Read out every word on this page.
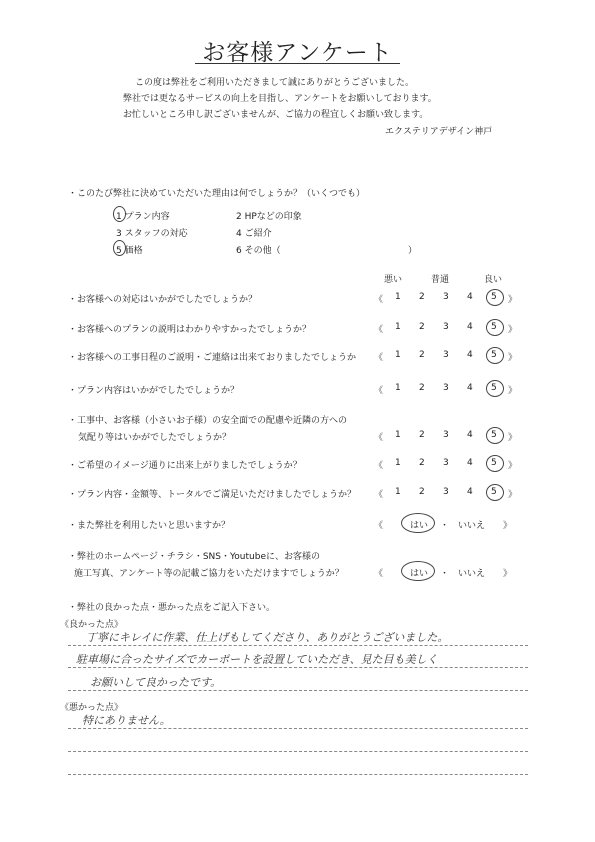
お客様アンケート
この度は弊社をご利用いただきまして誠にありがとうございました。
弊社では更なるサービスの向上を目指し、アンケートをお願いしております。
お忙しいところ申し訳ございませんが、ご協力の程宜しくお願い致します。
エクステリアデザイン神戸
・このたび弊社に決めていただいた理由は何でしょうか？（いくつでも）
1 プラン内容	2 HPなどの印象
3 スタッフの対応	4 ご紹介
5 価格	6 その他（	）
悪い	普通	良い
・お客様への対応はいかがでしたでしょうか？	《 1 2 3 4 5 》
・お客様へのプランの説明はわかりやすかったでしょうか？	《 1 2 3 4 5 》
・お客様への工事日程のご説明・ご連絡は出来ておりましたでしょうか 《 1 2 3 4 5 》
・プラン内容はいかがでしたでしょうか？	《 1 2 3 4 5 》
・工事中、お客様（小さいお子様）の安全面での配慮や近隣の方への
気配り等はいかがでしたでしょうか？	《 1 2 3 4 5 》
・ご希望のイメージ通りに出来上がりましたでしょうか？	《 1 2 3 4 5 》
・プラン内容・金額等、トータルでご満足いただけましたでしょうか？ 《 1 2 3 4 5 》
・また弊社を利用したいと思いますか？	《	はい ・ いいえ 》
・弊社のホームページ・チラシ・SNS・Youtubeに、お客様の
施工写真、アンケート等の記載ご協力をいただけますでしょうか？	《	はい ・ いいえ 》
・弊社の良かった点・悪かった点をご記入下さい。
《良かった点》
丁寧にキレイに作業、仕上げもしてくださり、ありがとうございました。
駐車場に合ったサイズでカーポートを設置していただき、見た目も美しく
お願いして良かったです。
《悪かった点》
特にありません。
